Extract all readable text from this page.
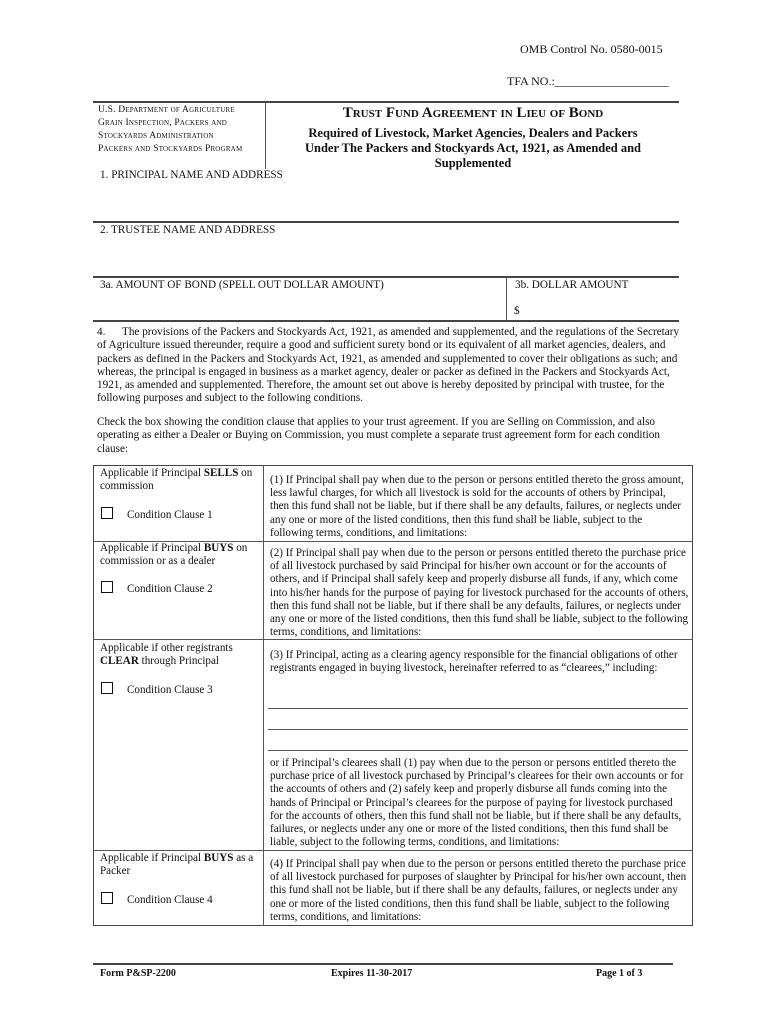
OMB Control No. 0580-0015
TFA NO.:___________________
U.S. Department of Agriculture
Grain Inspection, Packers and
Stockyards Administration
Packers and Stockyards Program
Trust Fund Agreement in Lieu of Bond
Required of Livestock, Market Agencies, Dealers and Packers
Under The Packers and Stockyards Act, 1921, as Amended and
Supplemented
1. PRINCIPAL NAME AND ADDRESS
2. TRUSTEE NAME AND ADDRESS
3a. AMOUNT OF BOND (SPELL OUT DOLLAR AMOUNT)	3b. DOLLAR AMOUNT
$
4. The provisions of the Packers and Stockyards Act, 1921, as amended and supplemented, and the regulations of the Secretary of Agriculture issued thereunder, require a good and sufficient surety bond or its equivalent of all market agencies, dealers, and packers as defined in the Packers and Stockyards Act, 1921, as amended and supplemented to cover their obligations as such; and whereas, the principal is engaged in business as a market agency, dealer or packer as defined in the Packers and Stockyards Act, 1921, as amended and supplemented. Therefore, the amount set out above is hereby deposited by principal with trustee, for the following purposes and subject to the following conditions.
Check the box showing the condition clause that applies to your trust agreement. If you are Selling on Commission, and also operating as either a Dealer or Buying on Commission, you must complete a separate trust agreement form for each condition clause:
Applicable if Principal SELLS on commission
Condition Clause 1
(1) If Principal shall pay when due to the person or persons entitled thereto the gross amount, less lawful charges, for which all livestock is sold for the accounts of others by Principal, then this fund shall not be liable, but if there shall be any defaults, failures, or neglects under any one or more of the listed conditions, then this fund shall be liable, subject to the following terms, conditions, and limitations:
Applicable if Principal BUYS on commission or as a dealer
Condition Clause 2
(2) If Principal shall pay when due to the person or persons entitled thereto the purchase price of all livestock purchased by said Principal for his/her own account or for the accounts of others, and if Principal shall safely keep and properly disburse all funds, if any, which come into his/her hands for the purpose of paying for livestock purchased for the accounts of others, then this fund shall not be liable, but if there shall be any defaults, failures, or neglects under any one or more of the listed conditions, then this fund shall be liable, subject to the following terms, conditions, and limitations:
Applicable if other registrants CLEAR through Principal
Condition Clause 3
(3) If Principal, acting as a clearing agency responsible for the financial obligations of other registrants engaged in buying livestock, hereinafter referred to as “clearees,” including:
or if Principal’s clearees shall (1) pay when due to the person or persons entitled thereto the purchase price of all livestock purchased by Principal’s clearees for their own accounts or for the accounts of others and (2) safely keep and properly disburse all funds coming into the hands of Principal or Principal’s clearees for the purpose of paying for livestock purchased for the accounts of others, then this fund shall not be liable, but if there shall be any defaults, failures, or neglects under any one or more of the listed conditions, then this fund shall be liable, subject to the following terms, conditions, and limitations:
Applicable if Principal BUYS as a Packer
Condition Clause 4
(4) If Principal shall pay when due to the person or persons entitled thereto the purchase price of all livestock purchased for purposes of slaughter by Principal for his/her own account, then this fund shall not be liable, but if there shall be any defaults, failures, or neglects under any one or more of the listed conditions, then this fund shall be liable, subject to the following terms, conditions, and limitations:
Form P&SP-2200	Expires 11-30-2017	Page 1 of 3
